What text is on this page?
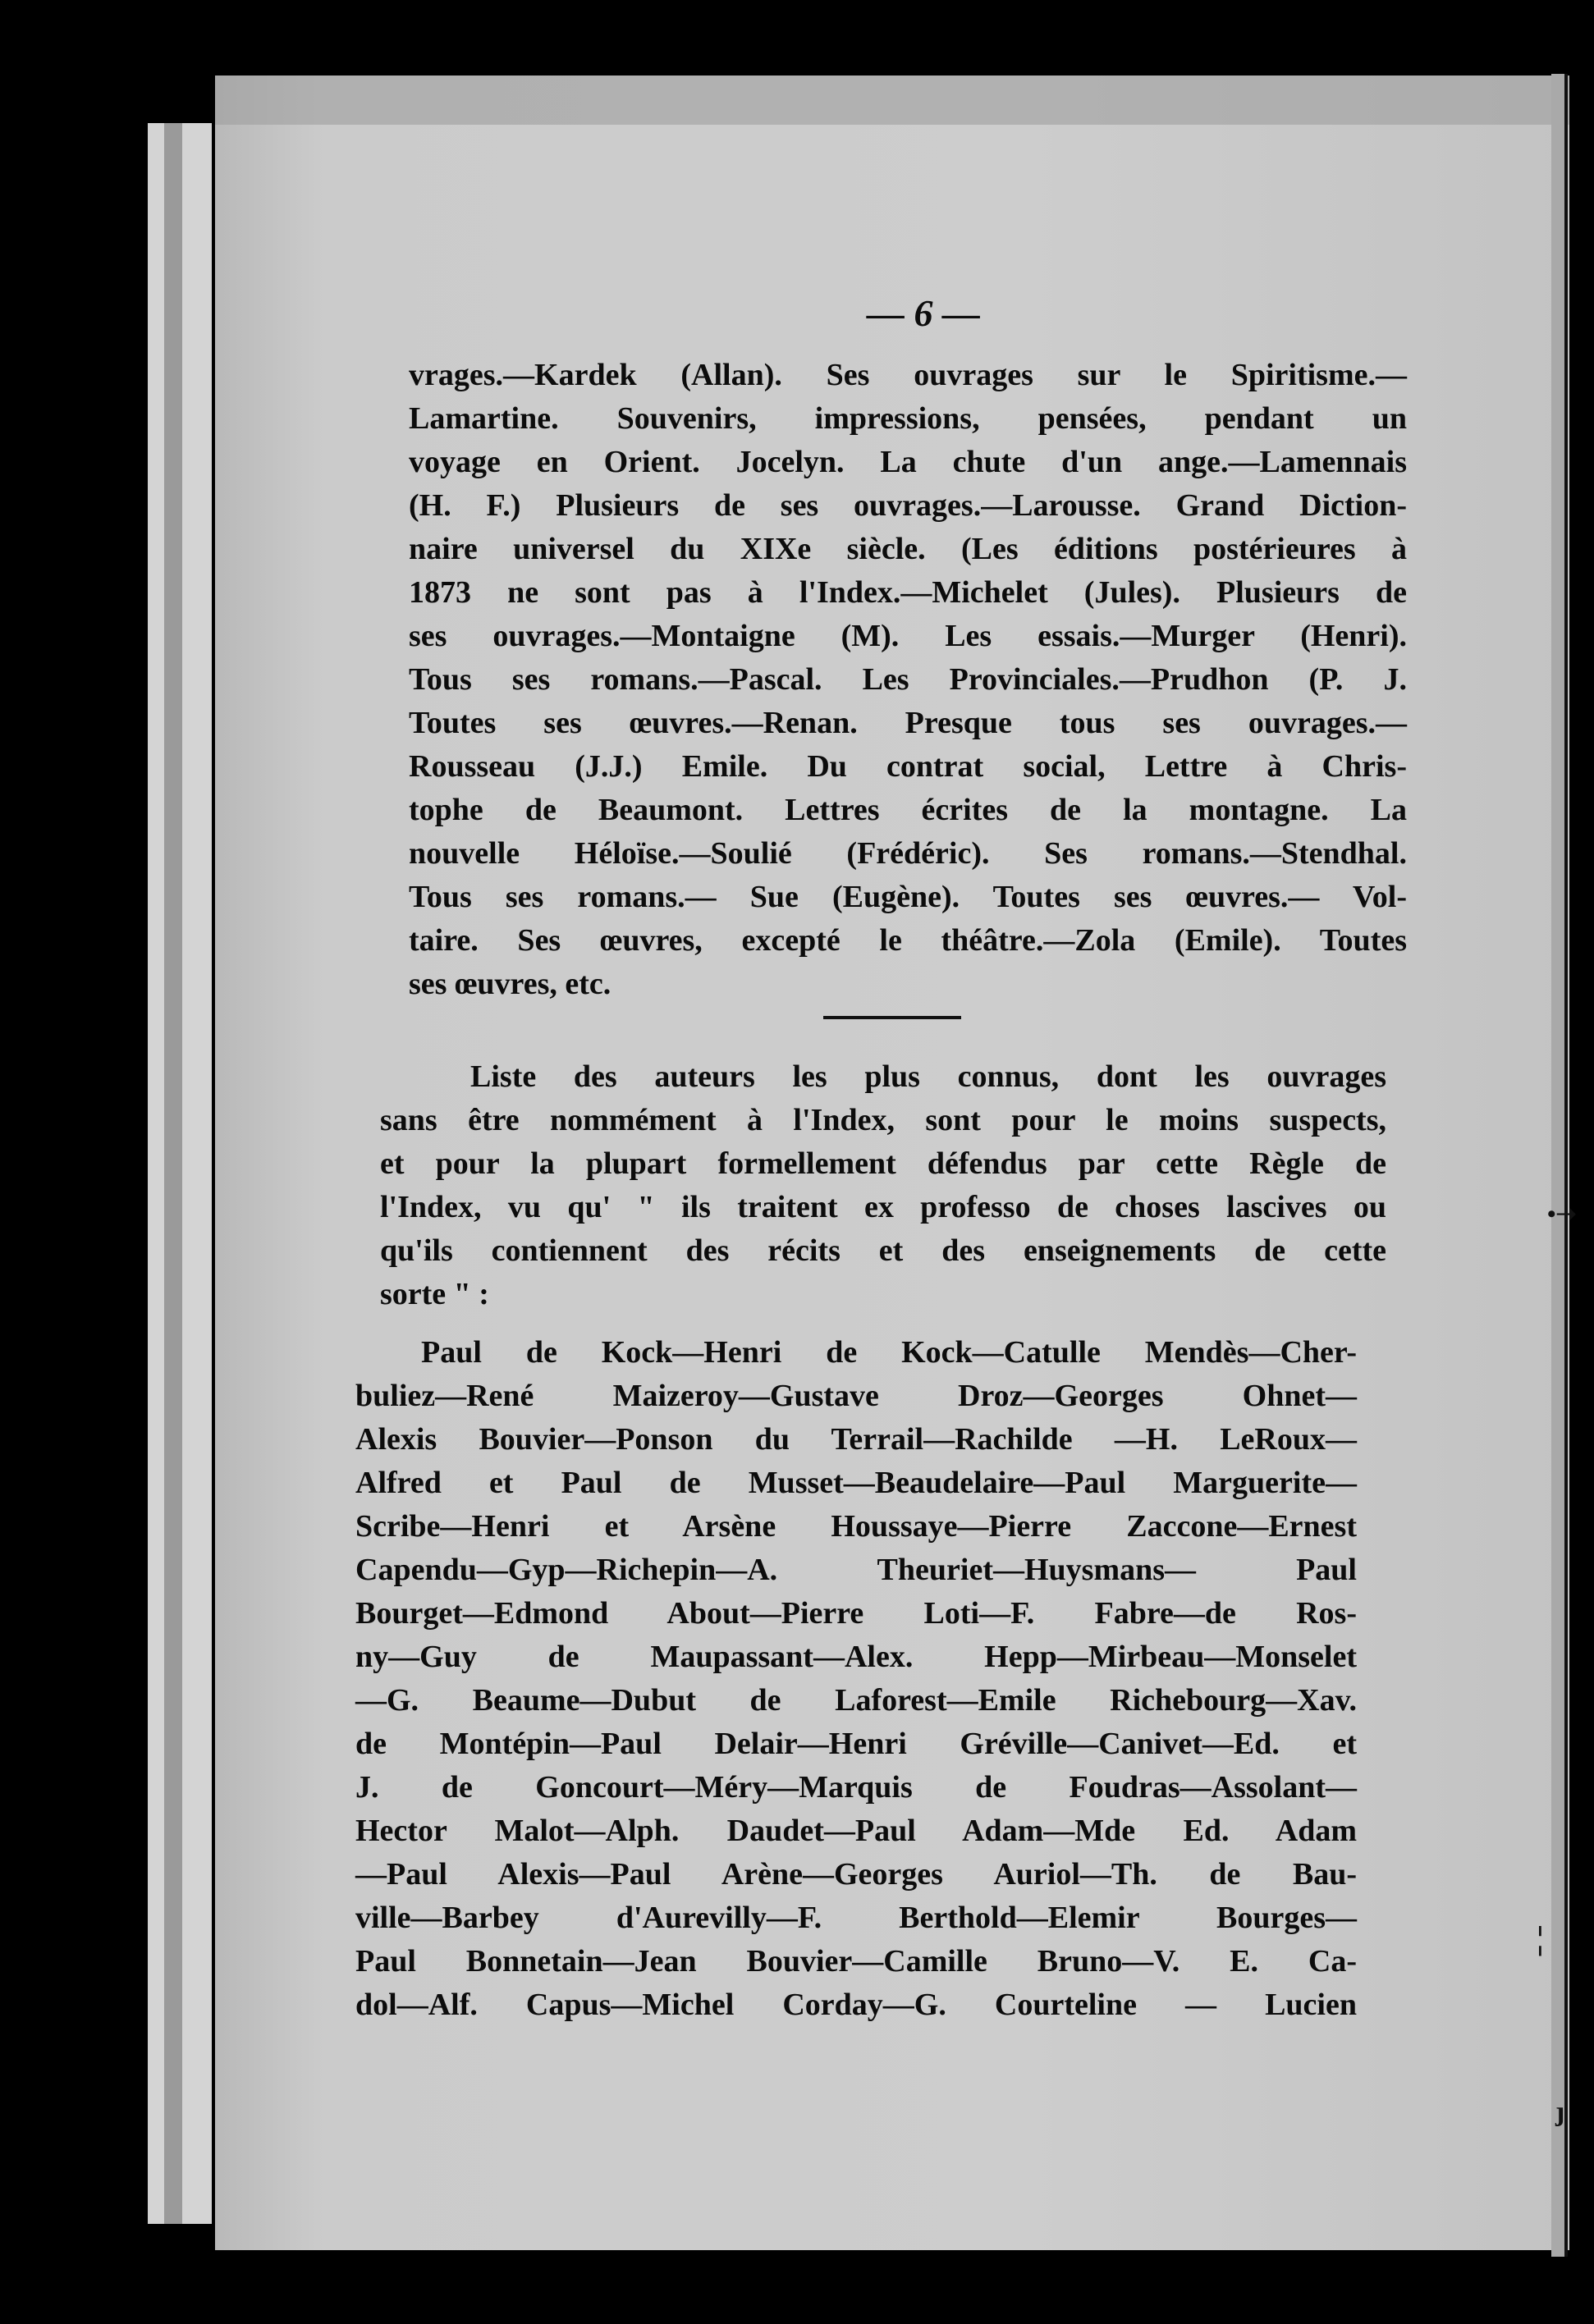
— 6 —
vrages.—Kardek (Allan). Ses ouvrages sur le Spiritisme.—
Lamartine. Souvenirs, impressions, pensées, pendant un
voyage en Orient. Jocelyn. La chute d'un ange.—Lamennais
(H. F.) Plusieurs de ses ouvrages.—Larousse. Grand Diction-
naire universel du XIXe siècle. (Les éditions postérieures à
1873 ne sont pas à l'Index.—Michelet (Jules). Plusieurs de
ses ouvrages.—Montaigne (M). Les essais.—Murger (Henri).
Tous ses romans.—Pascal. Les Provinciales.—Prudhon (P. J.
Toutes ses œuvres.—Renan. Presque tous ses ouvrages.—
Rousseau (J.J.) Emile. Du contrat social, Lettre à Chris-
tophe de Beaumont. Lettres écrites de la montagne. La
nouvelle Héloïse.—Soulié (Frédéric). Ses romans.—Stendhal.
Tous ses romans.— Sue (Eugène). Toutes ses œuvres.— Vol-
taire. Ses œuvres, excepté le théâtre.—Zola (Emile). Toutes
ses œuvres, etc.
Liste des auteurs les plus connus, dont les ouvrages
sans être nommément à l'Index, sont pour le moins suspects,
et pour la plupart formellement défendus par cette Règle de
l'Index, vu qu' " ils traitent ex professo de choses lascives ou
qu'ils contiennent des récits et des enseignements de cette
sorte " :
Paul de Kock—Henri de Kock—Catulle Mendès—Cher-
buliez—René Maizeroy—Gustave Droz—Georges Ohnet—
Alexis Bouvier—Ponson du Terrail—Rachilde —H. LeRoux—
Alfred et Paul de Musset—Beaudelaire—Paul Marguerite—
Scribe—Henri et Arsène Houssaye—Pierre Zaccone—Ernest
Capendu—Gyp—Richepin—A. Theuriet—Huysmans— Paul
Bourget—Edmond About—Pierre Loti—F. Fabre—de Ros-
ny—Guy de Maupassant—Alex. Hepp—Mirbeau—Monselet
—G. Beaume—Dubut de Laforest—Emile Richebourg—Xav.
de Montépin—Paul Delair—Henri Gréville—Canivet—Ed. et
J. de Goncourt—Méry—Marquis de Foudras—Assolant—
Hector Malot—Alph. Daudet—Paul Adam—Mde Ed. Adam
—Paul Alexis—Paul Arène—Georges Auriol—Th. de Bau-
ville—Barbey d'Aurevilly—F. Berthold—Elemir Bourges—
Paul Bonnetain—Jean Bouvier—Camille Bruno—V. E. Ca-
dol—Alf. Capus—Michel Corday—G. Courteline — Lucien
•➝
¦
ȷ
